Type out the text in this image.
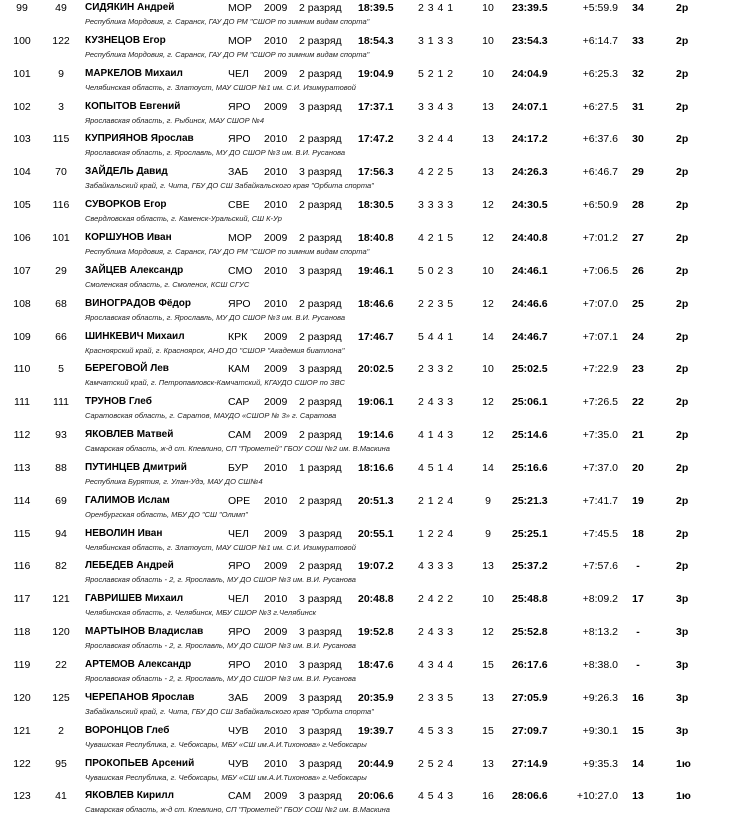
99	49	СИДЯКИН Андрей	МОР 2009 2 разряд 18:39.5 2 3 4 1	10 23:39.5	+5:59.9	34	2р
Республика Мордовия, г. Саранск, ГАУ ДО РМ "СШОР по зимним видам спорта"
100	122	КУЗНЕЦОВ Егор	МОР 2010 2 разряд 18:54.3 3 1 3 3	10 23:54.3	+6:14.7	33	2р
Республика Мордовия, г. Саранск, ГАУ ДО РМ "СШОР по зимним видам спорта"
101	9	МАРКЕЛОВ Михаил	ЧЕЛ 2009 2 разряд 19:04.9 5 2 1 2	10 24:04.9	+6:25.3	32	2р
Челябинская область, г. Златоуст, МАУ СШОР №1 им. С.И. Изимуратовой
102	3	КОПЫТОВ Евгений	ЯРО 2009 3 разряд 17:37.1 3 3 4 3	13 24:07.1	+6:27.5	31	2р
Ярославская область, г. Рыбинск, МАУ СШОР №4
103	115	КУПРИЯНОВ Ярослав	ЯРО 2010 2 разряд 17:47.2 3 2 4 4	13 24:17.2	+6:37.6	30	2р
Ярославская область, г. Ярославль, МУ ДО СШОР №3 им. В.И. Русанова
104	70	ЗАЙДЕЛЬ Давид	ЗАБ 2010 3 разряд 17:56.3 4 2 2 5	13 24:26.3	+6:46.7	29	2р
Забайкальский край, г. Чита, ГБУ ДО СШ Забайкальского края "Орбита спорта"
105	116	СУВОРКОВ Егор	СВЕ 2010 2 разряд 18:30.5 3 3 3 3	12 24:30.5	+6:50.9	28	2р
Свердловская область, г. Каменск-Уральский, СШ К-Ур
106	101	КОРШУНОВ Иван	МОР 2009 2 разряд 18:40.8 4 2 1 5	12 24:40.8	+7:01.2	27	2р
Республика Мордовия, г. Саранск, ГАУ ДО РМ "СШОР по зимним видам спорта"
107	29	ЗАЙЦЕВ Александр	СМО 2010 3 разряд 19:46.1 5 0 2 3	10 24:46.1	+7:06.5	26	2р
Смоленская область, г. Смоленск, КСШ СГУС
108	68	ВИНОГРАДОВ Фёдор	ЯРО 2010 2 разряд 18:46.6 2 2 3 5	12 24:46.6	+7:07.0	25	2р
Ярославская область, г. Ярославль, МУ ДО СШОР №3 им. В.И. Русанова
109	66	ШИНКЕВИЧ Михаил	КРК 2009 2 разряд 17:46.7 5 4 4 1	14 24:46.7	+7:07.1	24	2р
Красноярский край, г. Красноярск, АНО ДО "СШОР "Академия биатлона"
110	5	БЕРЕГОВОЙ Лев	КАМ 2009 3 разряд 20:02.5 2 3 3 2	10 25:02.5	+7:22.9	23	2р
Камчатский край, г. Петропавловск-Камчатский, КГАУДО СШОР по ЗВС
111	111	ТРУНОВ Глеб	САР 2009 2 разряд 19:06.1 2 4 3 3	12 25:06.1	+7:26.5	22	2р
Саратовская область, г. Саратов, МАУДО «СШОР № 3» г. Саратова
112	93	ЯКОВЛЕВ Матвей	САМ 2009 2 разряд 19:14.6 4 1 4 3	12 25:14.6	+7:35.0	21	2р
Самарская область, ж-д ст. Кпевлино, СП "Прометей" ГБОУ СОШ №2 им. В.Маскина
113	88	ПУТИНЦЕВ Дмитрий	БУР 2010 1 разряд 18:16.6 4 5 1 4	14 25:16.6	+7:37.0	20	2р
Республика Бурятия, г. Улан-Удэ, МАУ ДО СШ№4
114	69	ГАЛИМОВ Ислам	ОРЕ 2010 2 разряд 20:51.3 2 1 2 4	9	25:21.3	+7:41.7	19	2р
Оренбургская область, МБУ ДО "СШ "Олимп"
115	94	НЕВОЛИН Иван	ЧЕЛ 2009 3 разряд 20:55.1 1 2 2 4	9	25:25.1	+7:45.5	18	2р
Челябинская область, г. Златоуст, МАУ СШОР №1 им. С.И. Изимуратовой
116	82	ЛЕБЕДЕВ Андрей	ЯРО 2009 2 разряд 19:07.2 4 3 3 3	13 25:37.2	+7:57.6	-	2р
Ярославская область - 2, г. Ярославль, МУ ДО СШОР №3 им. В.И. Русанова
117	121	ГАВРИШЕВ Михаил	ЧЕЛ 2010 3 разряд 20:48.8 2 4 2 2	10 25:48.8	+8:09.2	17	3р
Челябинская область, г. Челябинск, МБУ СШОР №3 г.Челябинск
118	120	МАРТЫНОВ Владислав ЯРО 2009 3 разряд 19:52.8 2 4 3 3	12 25:52.8	+8:13.2	-	3р
Ярославская область - 2, г. Ярославль, МУ ДО СШОР №3 им. В.И. Русанова
119	22	АРТЕМОВ Александр	ЯРО 2010 3 разряд 18:47.6 4 3 4 4	15 26:17.6	+8:38.0	-	3р
Ярославская область - 2, г. Ярославль, МУ ДО СШОР №3 им. В.И. Русанова
120	125	ЧЕРЕПАНОВ Ярослав	ЗАБ 2009 3 разряд 20:35.9 2 3 3 5	13 27:05.9	+9:26.3	16	3р
Забайкальский край, г. Чита, ГБУ ДО СШ Забайкальского края "Орбита спорта"
121	2	ВОРОНЦОВ Глеб	ЧУВ 2010 3 разряд 19:39.7 4 5 3 3	15 27:09.7	+9:30.1	15	3р
Чувашская Республика, г. Чебоксары, МБУ «СШ им.А.И.Тихонова» г.Чебоксары
122	95	ПРОКОПЬЕВ Арсений	ЧУВ 2010 3 разряд 20:44.9 2 5 2 4	13 27:14.9	+9:35.3	14	1ю
Чувашская Республика, г. Чебоксары, МБУ «СШ им.А.И.Тихонова» г.Чебоксары
123	41	ЯКОВЛЕВ Кирилл	САМ 2009 3 разряд 20:06.6 4 5 4 3	16 28:06.6	+10:27.0	13	1ю
Самарская область, ж-д ст. Кпевлино, СП "Прометей" ГБОУ СОШ №2 им. В.Маскина
